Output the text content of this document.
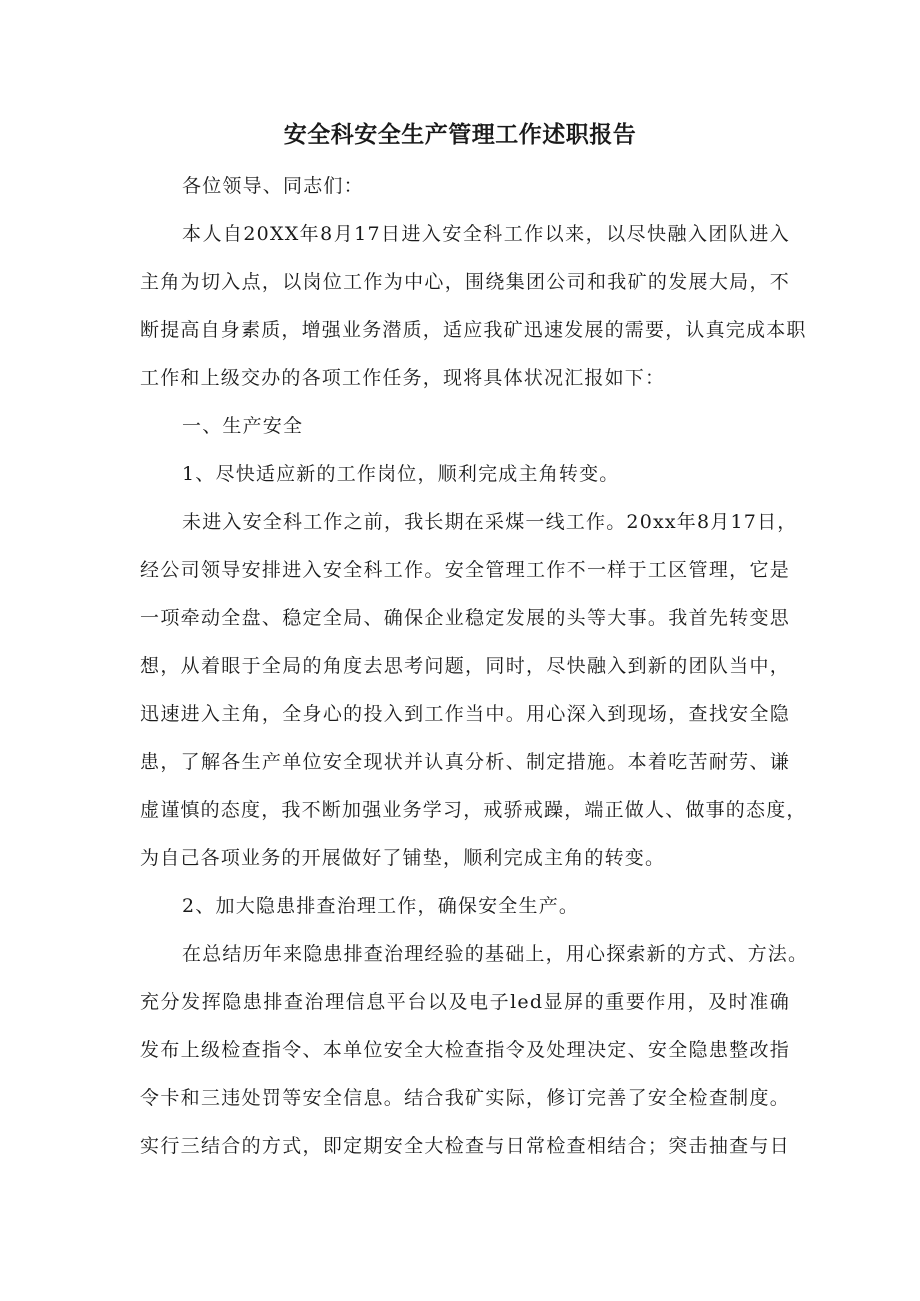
安全科安全生产管理工作述职报告
各位领导、同志们：
本人自20XX年8月17日进入安全科工作以来，以尽快融入团队进入
主角为切入点，以岗位工作为中心，围绕集团公司和我矿的发展大局，不
断提高自身素质，增强业务潜质，适应我矿迅速发展的需要，认真完成本职
工作和上级交办的各项工作任务，现将具体状况汇报如下：
一、生产安全
1、尽快适应新的工作岗位，顺利完成主角转变。
未进入安全科工作之前，我长期在采煤一线工作。20xx年8月17日，
经公司领导安排进入安全科工作。安全管理工作不一样于工区管理，它是
一项牵动全盘、稳定全局、确保企业稳定发展的头等大事。我首先转变思
想，从着眼于全局的角度去思考问题，同时，尽快融入到新的团队当中，
迅速进入主角，全身心的投入到工作当中。用心深入到现场，查找安全隐
患，了解各生产单位安全现状并认真分析、制定措施。本着吃苦耐劳、谦
虚谨慎的态度，我不断加强业务学习，戒骄戒躁，端正做人、做事的态度，
为自己各项业务的开展做好了铺垫，顺利完成主角的转变。
2、加大隐患排查治理工作，确保安全生产。
在总结历年来隐患排查治理经验的基础上，用心探索新的方式、方法。
充分发挥隐患排查治理信息平台以及电子led显屏的重要作用，及时准确
发布上级检查指令、本单位安全大检查指令及处理决定、安全隐患整改指
令卡和三违处罚等安全信息。结合我矿实际，修订完善了安全检查制度。
实行三结合的方式，即定期安全大检查与日常检查相结合；突击抽查与日
